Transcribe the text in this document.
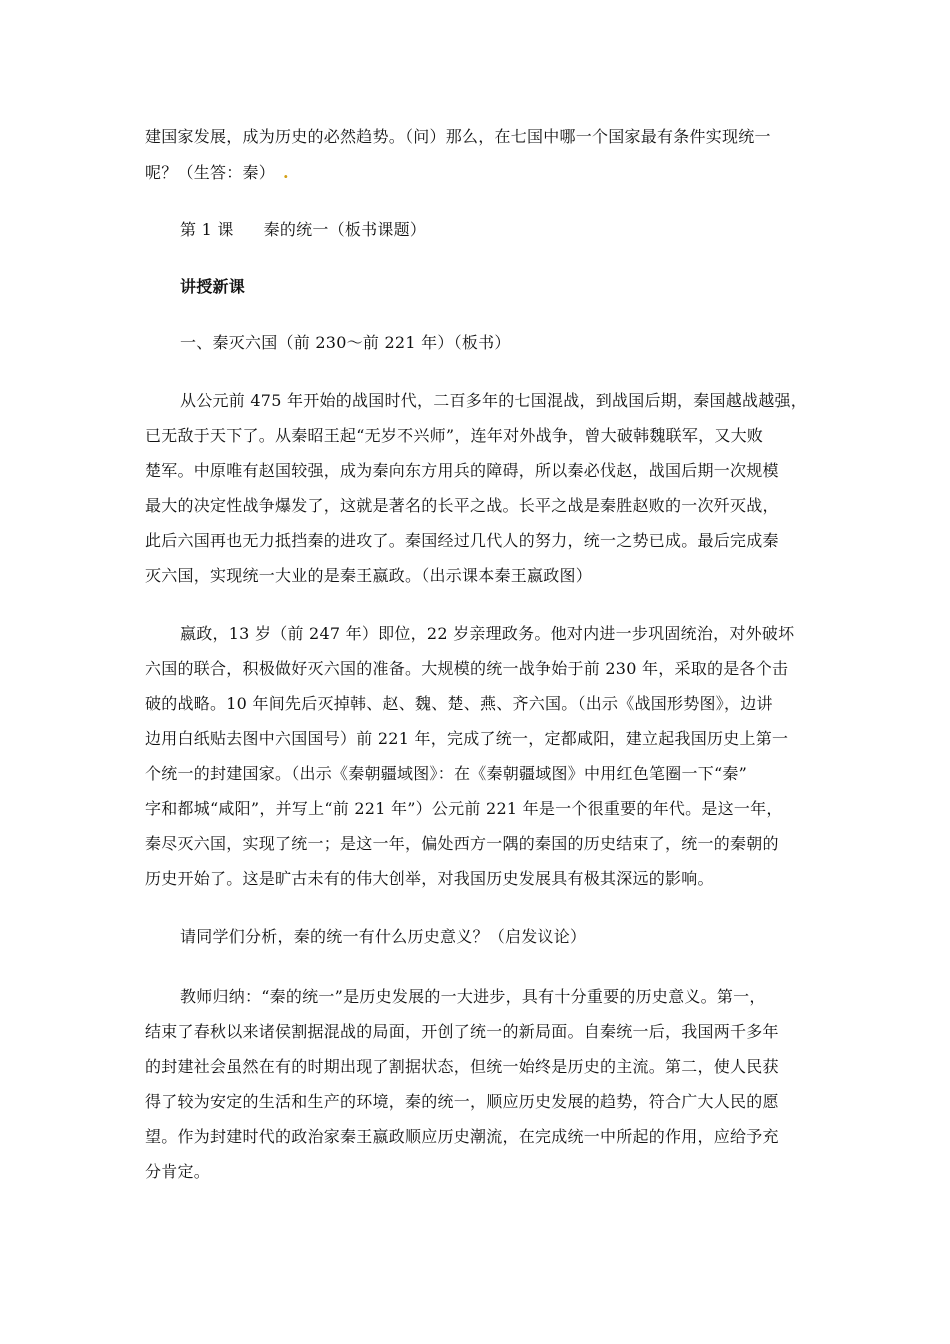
建国家发展，成为历史的必然趋势。（问）那么，在七国中哪一个国家最有条件实现统一
呢？（生答：秦） .
第 1 课 秦的统一（板书课题）
讲授新课
一、秦灭六国（前 230～前 221 年）（板书）
从公元前 475 年开始的战国时代，二百多年的七国混战，到战国后期，秦国越战越强，
已无敌于天下了。从秦昭王起“无岁不兴师”，连年对外战争，曾大破韩魏联军，又大败
楚军。中原唯有赵国较强，成为秦向东方用兵的障碍，所以秦必伐赵，战国后期一次规模
最大的决定性战争爆发了，这就是著名的长平之战。长平之战是秦胜赵败的一次歼灭战，
此后六国再也无力抵挡秦的进攻了。秦国经过几代人的努力，统一之势已成。最后完成秦
灭六国，实现统一大业的是秦王嬴政。（出示课本秦王嬴政图）
嬴政，13 岁（前 247 年）即位，22 岁亲理政务。他对内进一步巩固统治，对外破坏
六国的联合，积极做好灭六国的准备。大规模的统一战争始于前 230 年，采取的是各个击
破的战略。10 年间先后灭掉韩、赵、魏、楚、燕、齐六国。（出示《战国形势图》，边讲
边用白纸贴去图中六国国号）前 221 年，完成了统一，定都咸阳，建立起我国历史上第一
个统一的封建国家。（出示《秦朝疆域图》：在《秦朝疆域图》中用红色笔圈一下“秦”
字和都城“咸阳”，并写上“前 221 年”）公元前 221 年是一个很重要的年代。是这一年，
秦尽灭六国，实现了统一；是这一年，偏处西方一隅的秦国的历史结束了，统一的秦朝的
历史开始了。这是旷古未有的伟大创举，对我国历史发展具有极其深远的影响。
请同学们分析，秦的统一有什么历史意义？（启发议论）
教师归纳：“秦的统一”是历史发展的一大进步，具有十分重要的历史意义。第一，
结束了春秋以来诸侯割据混战的局面，开创了统一的新局面。自秦统一后，我国两千多年
的封建社会虽然在有的时期出现了割据状态，但统一始终是历史的主流。第二，使人民获
得了较为安定的生活和生产的环境，秦的统一，顺应历史发展的趋势，符合广大人民的愿
望。作为封建时代的政治家秦王嬴政顺应历史潮流，在完成统一中所起的作用，应给予充
分肯定。
